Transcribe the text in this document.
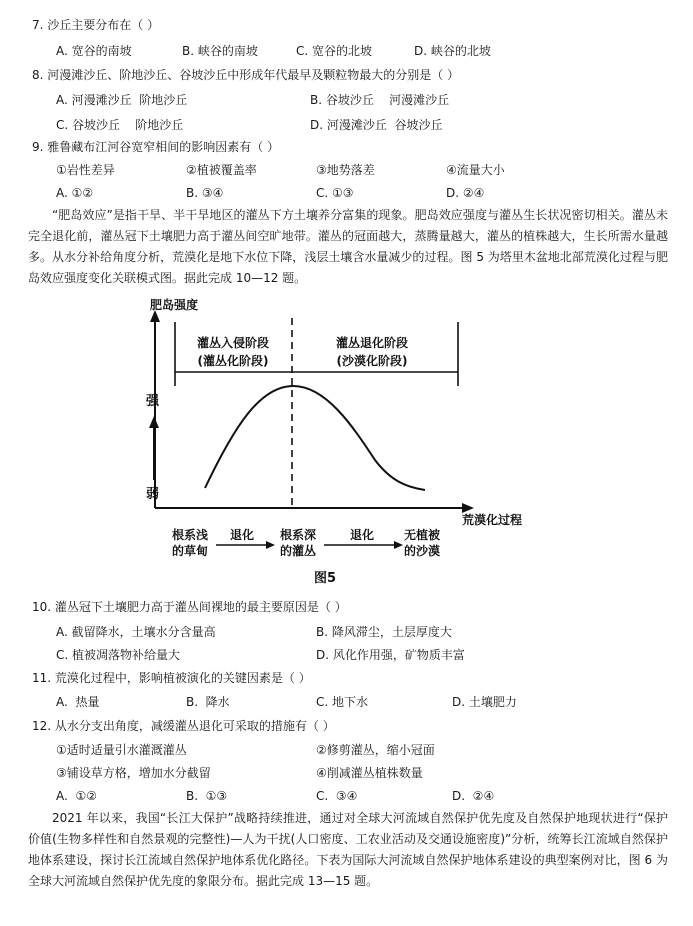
7. 沙丘主要分布在（ ）
A. 宽谷的南坡	B. 峡谷的南坡	C. 宽谷的北坡	D. 峡谷的北坡
8. 河漫滩沙丘、阶地沙丘、谷坡沙丘中形成年代最早及颗粒物最大的分别是（ ）
A. 河漫滩沙丘  阶地沙丘	B. 谷坡沙丘    河漫滩沙丘
C. 谷坡沙丘    阶地沙丘	D. 河漫滩沙丘  谷坡沙丘
9. 雅鲁藏布江河谷宽窄相间的影响因素有（ ）
①岩性差异	②植被覆盖率	③地势落差	④流量大小
A. ①②	B. ③④	C. ①③	D. ②④
“肥岛效应”是指干旱、半干旱地区的灌丛下方土壤养分富集的现象。肥岛效应强度与灌丛生长状况密切相关。灌丛未完全退化前，灌丛冠下土壤肥力高于灌丛间空旷地带。灌丛的冠面越大，蒸腾量越大，灌丛的植株越大，生长所需水量越多。从水分补给角度分析，荒漠化是地下水位下降，浅层土壤含水量减少的过程。图 5 为塔里木盆地北部荒漠化过程与肥岛效应强度变化关联模式图。据此完成 10—12 题。
肥岛强度
荒漠化过程
灌丛入侵阶段
(灌丛化阶段)
灌丛退化阶段
(沙漠化阶段)
强
弱
根系浅
的草甸
退化 根系深
的灌丛
退化 无植被
的沙漠
图5
10. 灌丛冠下土壤肥力高于灌丛间裸地的最主要原因是（ ）
A. 截留降水，土壤水分含量高	B. 降风滞尘，土层厚度大
C. 植被凋落物补给量大	D. 风化作用强，矿物质丰富
11. 荒漠化过程中，影响植被演化的关键因素是（ ）
A.  热量	B.  降水	C. 地下水	D. 土壤肥力
12. 从水分支出角度，减缓灌丛退化可采取的措施有（ ）
①适时适量引水灌溉灌丛	②修剪灌丛，缩小冠面
③铺设草方格，增加水分截留	④削减灌丛植株数量
A.  ①②	B.  ①③	C.  ③④	D.  ②④
2021 年以来，我国“长江大保护”战略持续推进，通过对全球大河流域自然保护优先度及自然保护地现状进行“保护价值(生物多样性和自然景观的完整性)—人为干扰(人口密度、工农业活动及交通设施密度)”分析，统筹长江流域自然保护地体系建设，探讨长江流域自然保护地体系优化路径。下表为国际大河流域自然保护地体系建设的典型案例对比，图 6 为全球大河流域自然保护优先度的象限分布。据此完成 13—15 题。
